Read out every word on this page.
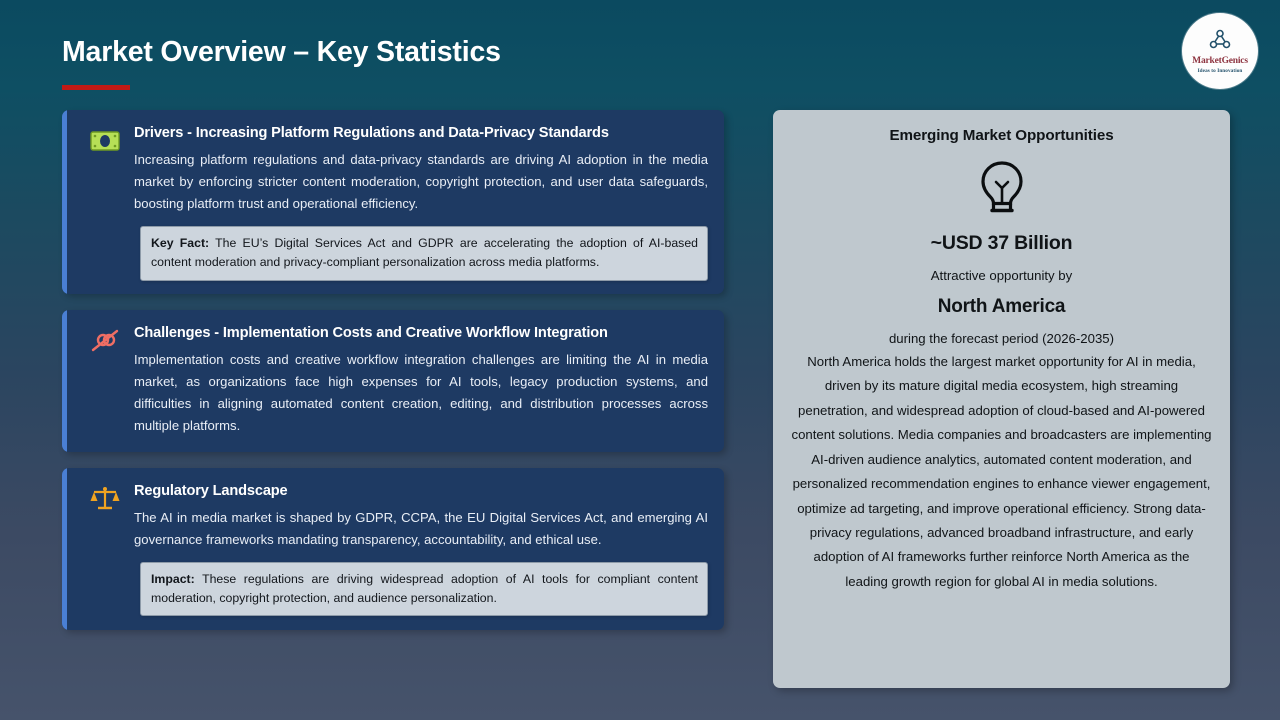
Market Overview – Key Statistics	MarketGenics
Ideas to Innovation
Drivers - Increasing Platform Regulations and Data-Privacy Standards
Increasing platform regulations and data-privacy standards are driving AI adoption in the media market by enforcing stricter content moderation, copyright protection, and user data safeguards, boosting platform trust and operational efficiency.
Key Fact: The EU’s Digital Services Act and GDPR are accelerating the adoption of AI-based content moderation and privacy-compliant personalization across media platforms.
Challenges - Implementation Costs and Creative Workflow Integration
Implementation costs and creative workflow integration challenges are limiting the AI in media market, as organizations face high expenses for AI tools, legacy production systems, and difficulties in aligning automated content creation, editing, and distribution processes across multiple platforms.
Regulatory Landscape
The AI in media market is shaped by GDPR, CCPA, the EU Digital Services Act, and emerging AI governance frameworks mandating transparency, accountability, and ethical use.
Impact: These regulations are driving widespread adoption of AI tools for compliant content moderation, copyright protection, and audience personalization.
Emerging Market Opportunities
~USD 37 Billion
Attractive opportunity by
North America
during the forecast period (2026-2035)
North America holds the largest market opportunity for AI in media, driven by its mature digital media ecosystem, high streaming penetration, and widespread adoption of cloud-based and AI-powered content solutions. Media companies and broadcasters are implementing AI-driven audience analytics, automated content moderation, and personalized recommendation engines to enhance viewer engagement, optimize ad targeting, and improve operational efficiency. Strong data-privacy regulations, advanced broadband infrastructure, and early adoption of AI frameworks further reinforce North America as the leading growth region for global AI in media solutions.
